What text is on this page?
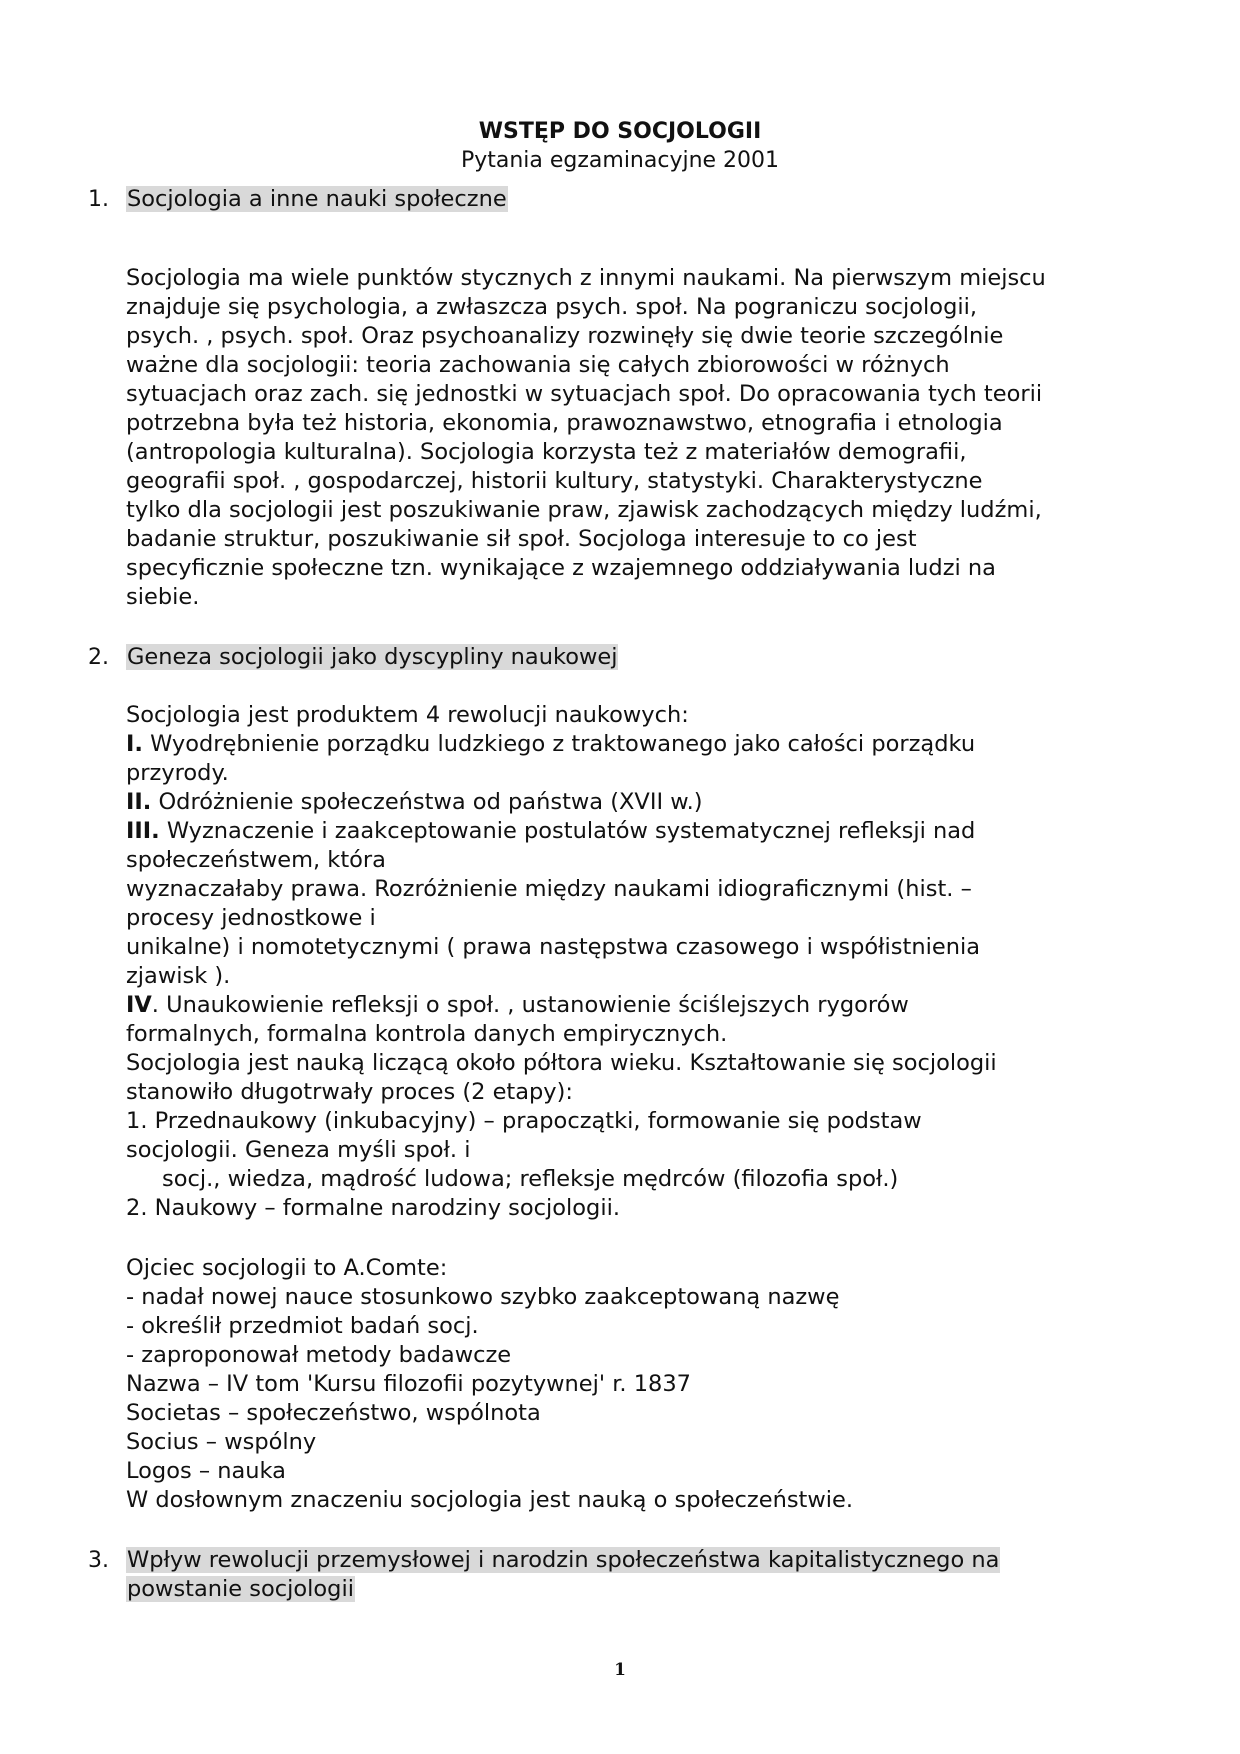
WSTĘP DO SOCJOLOGII
Pytania egzaminacyjne 2001
1. Socjologia a inne nauki społeczne
Socjologia ma wiele punktów stycznych z innymi naukami. Na pierwszym miejscu
znajduje się psychologia, a zwłaszcza psych. społ. Na pograniczu socjologii,
psych. , psych. społ. Oraz psychoanalizy rozwinęły się dwie teorie szczególnie
ważne dla socjologii: teoria zachowania się całych zbiorowości w różnych
sytuacjach oraz zach. się jednostki w sytuacjach społ. Do opracowania tych teorii
potrzebna była też historia, ekonomia, prawoznawstwo, etnografia i etnologia
(antropologia kulturalna). Socjologia korzysta też z materiałów demografii,
geografii społ. , gospodarczej, historii kultury, statystyki. Charakterystyczne
tylko dla socjologii jest poszukiwanie praw, zjawisk zachodzących między ludźmi,
badanie struktur, poszukiwanie sił społ. Socjologa interesuje to co jest
specyficznie społeczne tzn. wynikające z wzajemnego oddziaływania ludzi na
siebie.
2. Geneza socjologii jako dyscypliny naukowej
Socjologia jest produktem 4 rewolucji naukowych:
I. Wyodrębnienie porządku ludzkiego z traktowanego jako całości porządku
przyrody.
II. Odróżnienie społeczeństwa od państwa (XVII w.)
III. Wyznaczenie i zaakceptowanie postulatów systematycznej refleksji nad
społeczeństwem, która
wyznaczałaby prawa. Rozróżnienie między naukami idiograficznymi (hist. –
procesy jednostkowe i
unikalne) i nomotetycznymi ( prawa następstwa czasowego i współistnienia
zjawisk ).
IV. Unaukowienie refleksji o społ. , ustanowienie ściślejszych rygorów
formalnych, formalna kontrola danych empirycznych.
Socjologia jest nauką liczącą około półtora wieku. Kształtowanie się socjologii
stanowiło długotrwały proces (2 etapy):
1. Przednaukowy (inkubacyjny) – prapoczątki, formowanie się podstaw
socjologii. Geneza myśli społ. i
socj., wiedza, mądrość ludowa; refleksje mędrców (filozofia społ.)
2. Naukowy – formalne narodziny socjologii.
Ojciec socjologii to A.Comte:
- nadał nowej nauce stosunkowo szybko zaakceptowaną nazwę
- określił przedmiot badań socj.
- zaproponował metody badawcze
Nazwa – IV tom 'Kursu filozofii pozytywnej' r. 1837
Societas – społeczeństwo, wspólnota
Socius – wspólny
Logos – nauka
W dosłownym znaczeniu socjologia jest nauką o społeczeństwie.
3. Wpływ rewolucji przemysłowej i narodzin społeczeństwa kapitalistycznego na
powstanie socjologii
1
